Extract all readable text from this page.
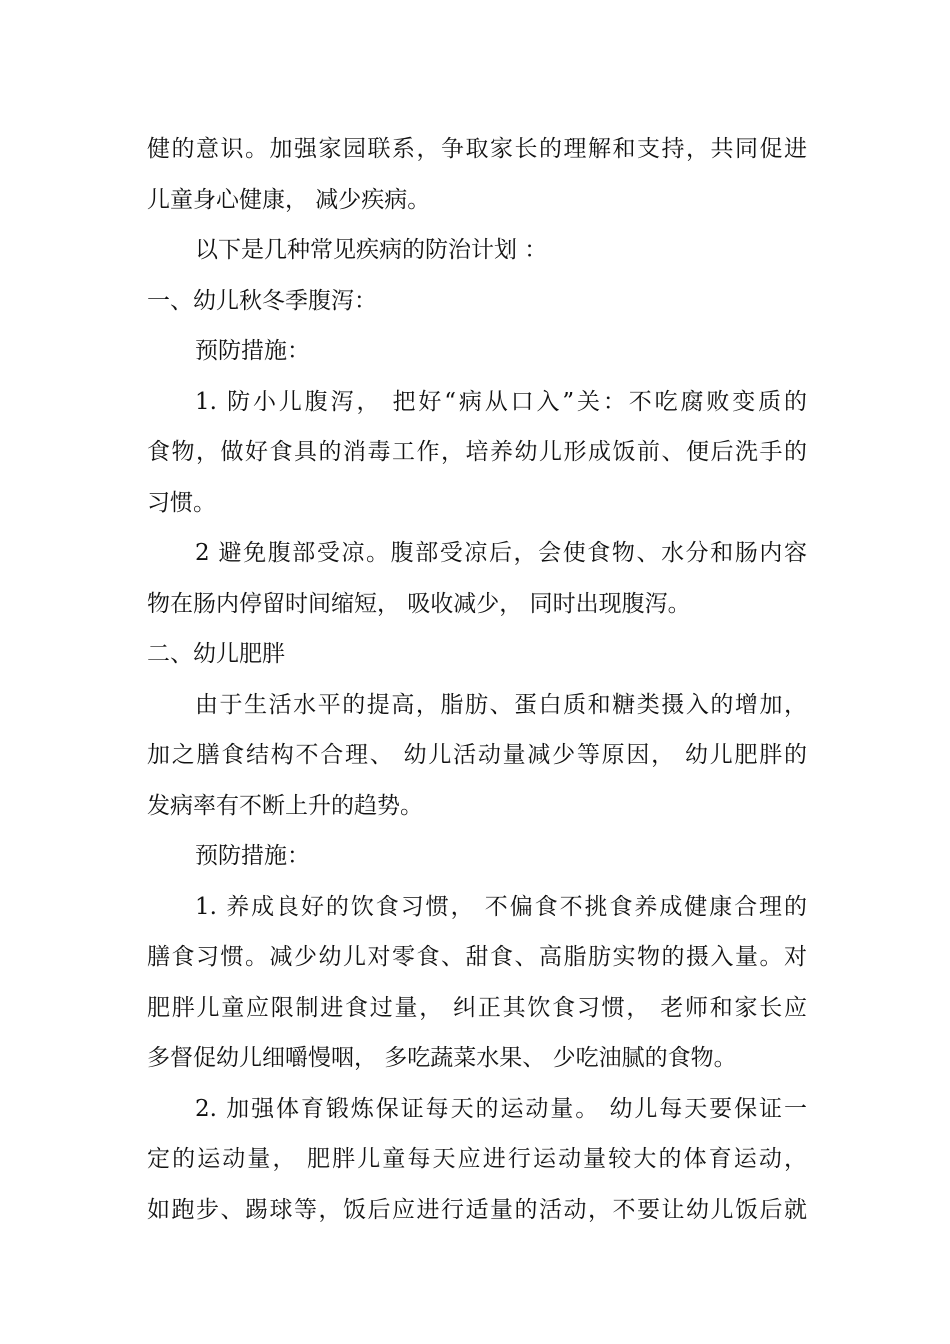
健的意识。加强家园联系，争取家长的理解和支持，共同促进
儿童身心健康， 减少疾病。
以下是几种常见疾病的防治计划 ：
一、幼儿秋冬季腹泻：
预防措施：
1. 防小儿腹泻， 把好“病从口入”关：不吃腐败变质的
食物，做好食具的消毒工作，培养幼儿形成饭前、便后洗手的
习惯。
2 避免腹部受凉。腹部受凉后，会使食物、水分和肠内容
物在肠内停留时间缩短， 吸收减少， 同时出现腹泻。
二、幼儿肥胖
由于生活水平的提高，脂肪、蛋白质和糖类摄入的增加，
加之膳食结构不合理、 幼儿活动量减少等原因， 幼儿肥胖的
发病率有不断上升的趋势。
预防措施：
1. 养成良好的饮食习惯， 不偏食不挑食养成健康合理的
膳食习惯。减少幼儿对零食、甜食、高脂肪实物的摄入量。对
肥胖儿童应限制进食过量， 纠正其饮食习惯， 老师和家长应
多督促幼儿细嚼慢咽， 多吃蔬菜水果、 少吃油腻的食物。
2. 加强体育锻炼保证每天的运动量。 幼儿每天要保证一
定的运动量， 肥胖儿童每天应进行运动量较大的体育运动，
如跑步、踢球等，饭后应进行适量的活动，不要让幼儿饭后就
